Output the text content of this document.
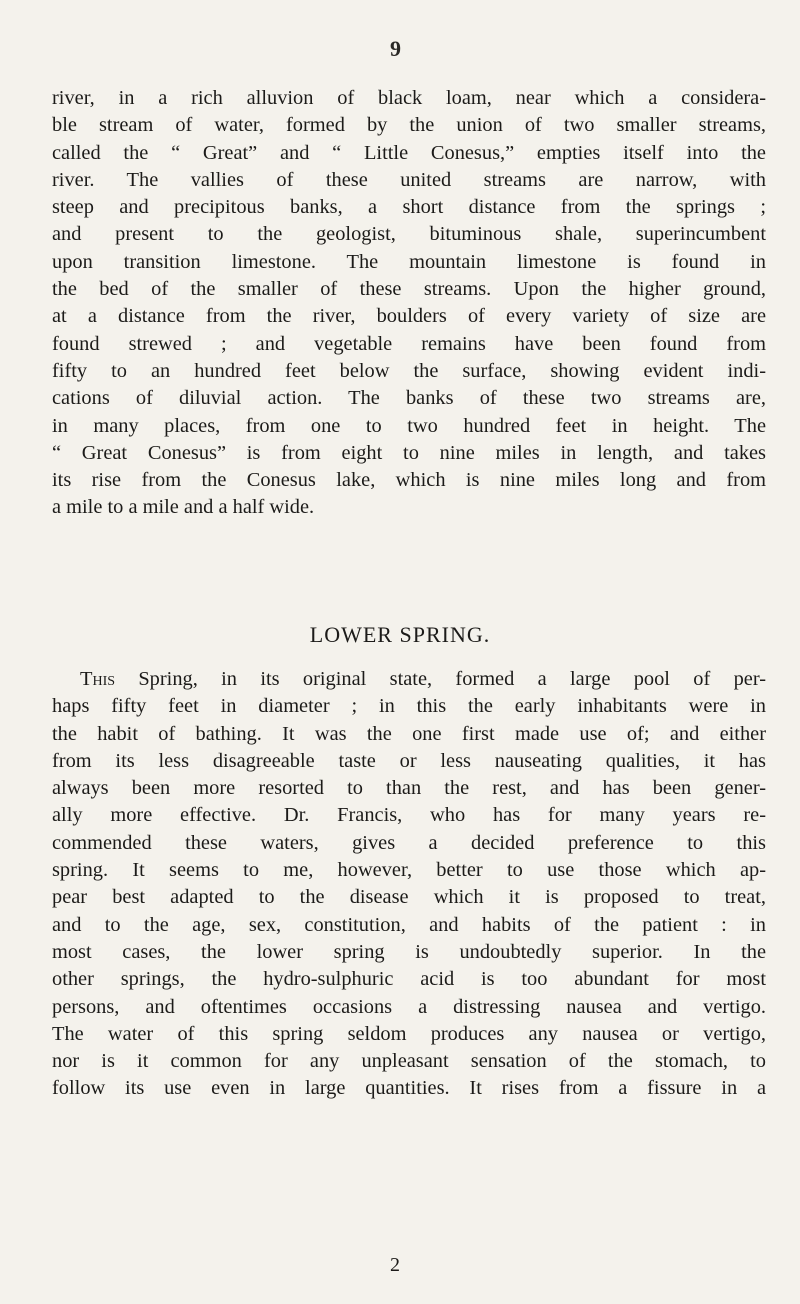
9
river, in a rich alluvion of black loam, near which a considera-
ble stream of water, formed by the union of two smaller streams,
called the “ Great” and “ Little Conesus,” empties itself into the
river. The vallies of these united streams are narrow, with
steep and precipitous banks, a short distance from the springs ;
and present to the geologist, bituminous shale, superincumbent
upon transition limestone. The mountain limestone is found in
the bed of the smaller of these streams. Upon the higher ground,
at a distance from the river, boulders of every variety of size are
found strewed ; and vegetable remains have been found from
fifty to an hundred feet below the surface, showing evident indi-
cations of diluvial action. The banks of these two streams are,
in many places, from one to two hundred feet in height. The
“ Great Conesus” is from eight to nine miles in length, and takes
its rise from the Conesus lake, which is nine miles long and from
a mile to a mile and a half wide.
LOWER SPRING.
This Spring, in its original state, formed a large pool of per-
haps fifty feet in diameter ; in this the early inhabitants were in
the habit of bathing. It was the one first made use of; and either
from its less disagreeable taste or less nauseating qualities, it has
always been more resorted to than the rest, and has been gener-
ally more effective. Dr. Francis, who has for many years re-
commended these waters, gives a decided preference to this
spring. It seems to me, however, better to use those which ap-
pear best adapted to the disease which it is proposed to treat,
and to the age, sex, constitution, and habits of the patient : in
most cases, the lower spring is undoubtedly superior. In the
other springs, the hydro-sulphuric acid is too abundant for most
persons, and oftentimes occasions a distressing nausea and vertigo.
The water of this spring seldom produces any nausea or vertigo,
nor is it common for any unpleasant sensation of the stomach, to
follow its use even in large quantities. It rises from a fissure in a
2
